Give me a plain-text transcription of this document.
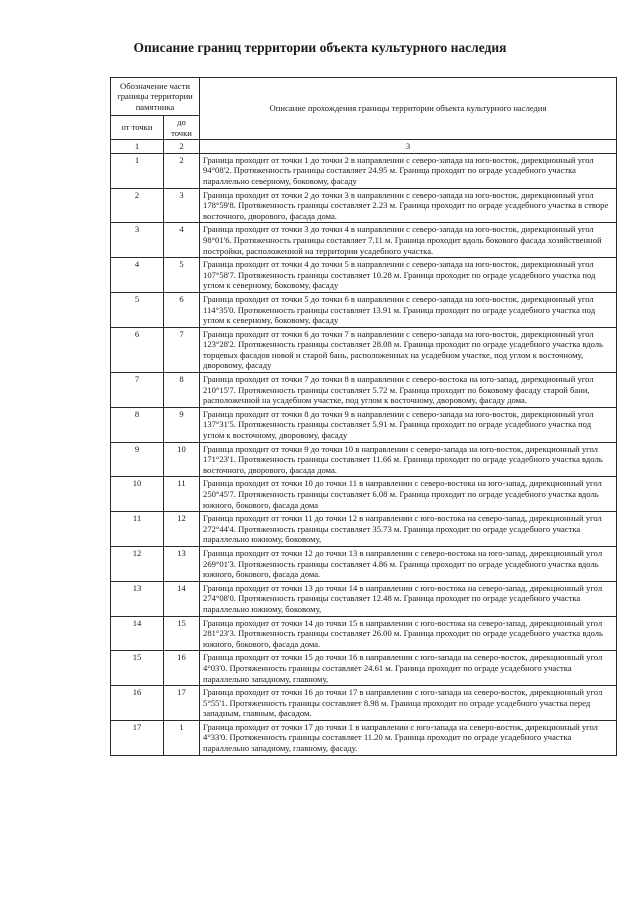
Описание границ территории объекта культурного наследия
Обозначение части границы территории памятника		Описание прохождения границы территории объекта культурного наследия
от точки	до точки	
1	2	3
1	2	Граница проходит от точки 1 до точки 2 в направлении с северо-запада на юго-восток, дирекционный угол 94°08'2. Протяженность границы составляет 24.95 м. Граница проходит по ограде усадебного участка параллельно северному, боковому, фасаду
2	3	Граница проходит от точки 2 до точки 3 в направлении с северо-запада на юго-восток, дирекционный угол 178°59'8. Протяженность границы составляет 2.23 м. Граница проходит по ограде усадебного участка в створе восточного, дворового, фасада дома.
3	4	Граница проходит от точки 3 до точки 4 в направлении с северо-запада на юго-восток, дирекционный угол 98°01'6. Протяженность границы составляет 7.11 м. Граница проходит вдоль бокового фасада хозяйственной постройки, расположенной на территории усадебного участка.
4	5	Граница проходит от точки 4 до точки 5 в направлении с северо-запада на юго-восток, дирекционный угол 107°58'7. Протяженность границы составляет 10.28 м. Граница проходит по ограде усадебного участка под углом к северному, боковому, фасаду
5	6	Граница проходит от точки 5 до точки 6 в направлении с северо-запада на юго-восток, дирекционный угол 114°35'0. Протяженность границы составляет 13.91 м. Граница проходит по ограде усадебного участка под углом к северному, боковому, фасаду
6	7	Граница проходит от точки 6 до точки 7 в направлении с северо-запада на юго-восток, дирекционный угол 123°28'2. Протяженность границы составляет 28.08 м. Граница проходит по ограде усадебного участка вдоль торцевых фасадов новой и старой бань, расположенных на усадебном участке, под углом к восточному, дворовому, фасаду
7	8	Граница проходит от точки 7 до точки 8 в направлении с северо-востока на юго-запад, дирекционный угол 210°15'7. Протяженность границы составляет 5.72 м. Граница проходит по боковому фасаду старой бани, расположенной на усадебном участке, под углом к восточному, дворовому, фасаду дома.
8	9	Граница проходит от точки 8 до точки 9 в направлении с северо-запада на юго-восток, дирекционный угол 137°31'5. Протяженность границы составляет 5.91 м. Граница проходит по ограде усадебного участка под углом к восточному, дворовому, фасаду
9	10	Граница проходит от точки 9 до точки 10 в направлении с северо-запада на юго-восток, дирекционный угол 171°23'1. Протяженность границы составляет 11.66 м. Граница проходит по ограде усадебного участка вдоль восточного, дворового, фасада дома.
10	11	Граница проходит от точки 10 до точки 11 в направлении с северо-востока на юго-запад, дирекционный угол 250°45'7. Протяженность границы составляет 6.08 м. Граница проходит по ограде усадебного участка вдоль южного, бокового, фасада дома
11	12	Граница проходит от точки 11 до точки 12 в направлении с юго-востока на северо-запад, дирекционный угол 272°44'4. Протяженность границы составляет 35.73 м. Граница проходит по ограде усадебного участка параллельно южному, боковому,
12	13	Граница проходит от точки 12 до точки 13 в направлении с северо-востока на юго-запад, дирекционный угол 269°01'3. Протяженность границы составляет 4.86 м. Граница проходит по ограде усадебного участка вдоль южного, бокового, фасада дома.
13	14	Граница проходит от точки 13 до точки 14 в направлении с юго-востока на северо-запад, дирекционный угол 274°08'0. Протяженность границы составляет 12.48 м. Граница проходит по ограде усадебного участка параллельно южному, боковому,
14	15	Граница проходит от точки 14 до точки 15 в направлении с юго-востока на северо-запад, дирекционный угол 281°23'3. Протяженность границы составляет 26.00 м. Граница проходит по ограде усадебного участка вдоль южного, бокового, фасада дома.
15	16	Граница проходит от точки 15 до точки 16 в направлении с юго-запада на северо-восток, дирекционный угол 4°03'0. Протяженность границы составляет 24.61 м. Граница проходит по ограде усадебного участка параллельно западному, главному,
16	17	Граница проходит от точки 16 до точки 17 в направлении с юго-запада на северо-восток, дирекционный угол 5°55'1. Протяженность границы составляет 8.98 м. Граница проходит по ограде усадебного участка перед западным, главным, фасадом.
17	1	Граница проходит от точки 17 до точки 1 в направлении с юго-запада на северо-восток, дирекционный угол 4°33'0. Протяженность границы составляет 11.20 м. Граница проходит по ограде усадебного участка параллельно западному, главному, фасаду.
